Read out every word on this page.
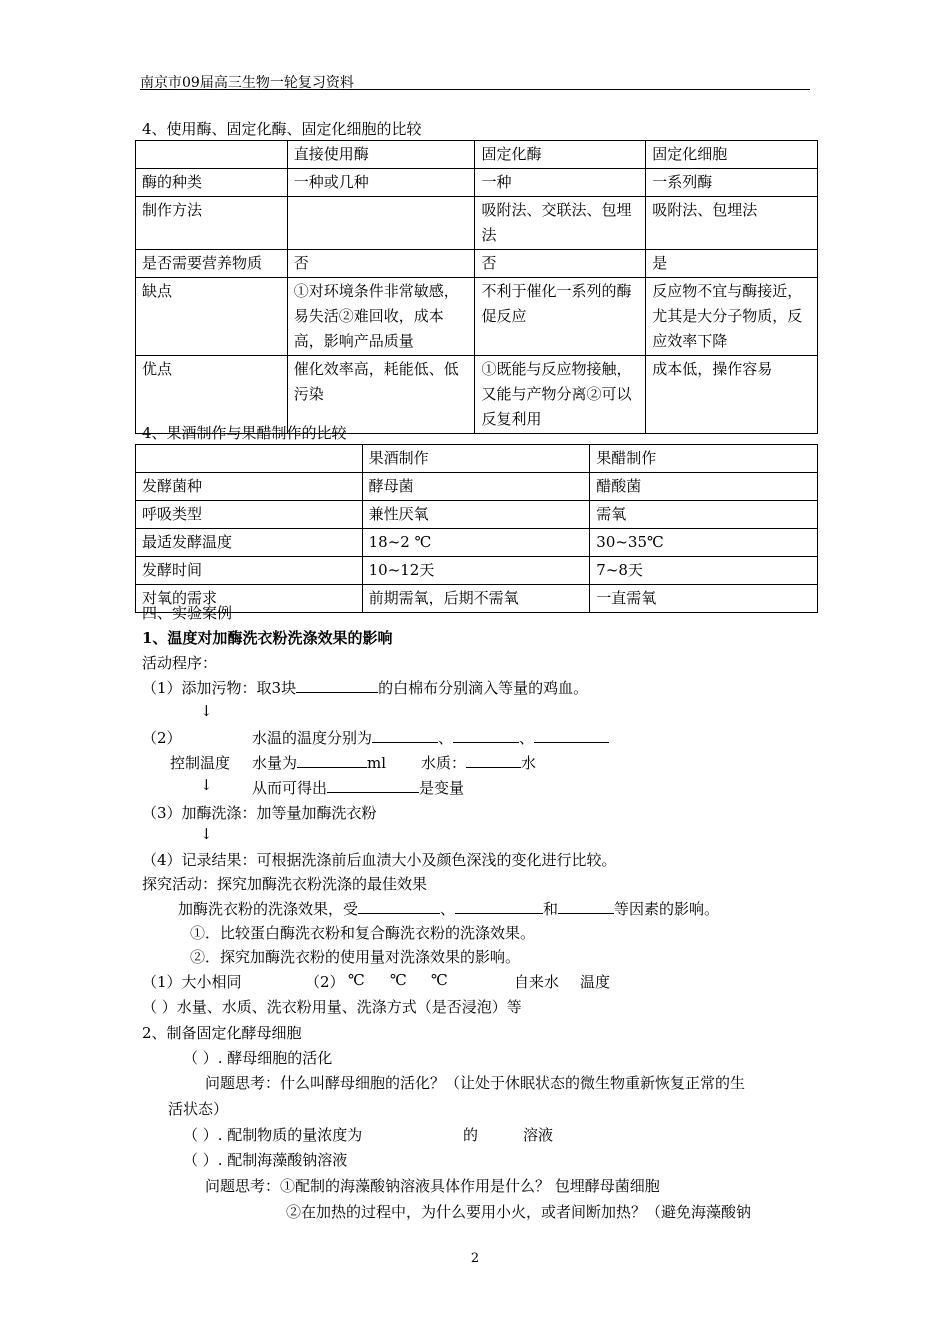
南京市09届高三生物一轮复习资料
4、使用酶、固定化酶、固定化细胞的比较
	直接使用酶	固定化酶	固定化细胞
酶的种类	一种或几种	一种	一系列酶
制作方法		吸附法、交联法、包埋法	吸附法、包埋法
是否需要营养物质	否	否	是
缺点	①对环境条件非常敏感，易失活②难回收，成本高，影响产品质量	不利于催化一系列的酶促反应	反应物不宜与酶接近，尤其是大分子物质，反应效率下降
优点	催化效率高，耗能低、低污染	①既能与反应物接触，又能与产物分离②可以反复利用	成本低，操作容易
4、果酒制作与果醋制作的比较
	果酒制作	果醋制作
发酵菌种	酵母菌	醋酸菌
呼吸类型	兼性厌氧	需氧
最适发酵温度	18~2 ℃	30~35℃
发酵时间	10~12天	7~8天
对氧的需求	前期需氧，后期不需氧	一直需氧
四、实验案例
1、温度对加酶洗衣粉洗涤效果的影响
活动程序：
（1）添加污物：取3块	的白棉布分别滴入等量的鸡血。
↓
（2）	水温的温度分别为	、	、
控制温度 水量为	ml 水质：	水
↓	从而可得出	是变量
（3）加酶洗涤：加等量加酶洗衣粉
↓
（4）记录结果：可根据洗涤前后血渍大小及颜色深浅的变化进行比较。
探究活动：探究加酶洗衣粉洗涤的最佳效果
加酶洗衣粉的洗涤效果，受	、	和	等因素的影响。
①．比较蛋白酶洗衣粉和复合酶洗衣粉的洗涤效果。
②．探究加酶洗衣粉的使用量对洗涤效果的影响。
（1）大小相同	（2） ℃ ℃ ℃	自来水 温度
（ ）水量、水质、洗衣粉用量、洗涤方式（是否浸泡）等
2、制备固定化酵母细胞
（ ）. 酵母细胞的活化
问题思考：什么叫酵母细胞的活化？（让处于休眠状态的微生物重新恢复正常的生
活状态）
（ ）. 配制物质的量浓度为	的	溶液
（ ）. 配制海藻酸钠溶液
问题思考：①配制的海藻酸钠溶液具体作用是什么？ 包埋酵母菌细胞
②在加热的过程中，为什么要用小火，或者间断加热？（避免海藻酸钠
2
